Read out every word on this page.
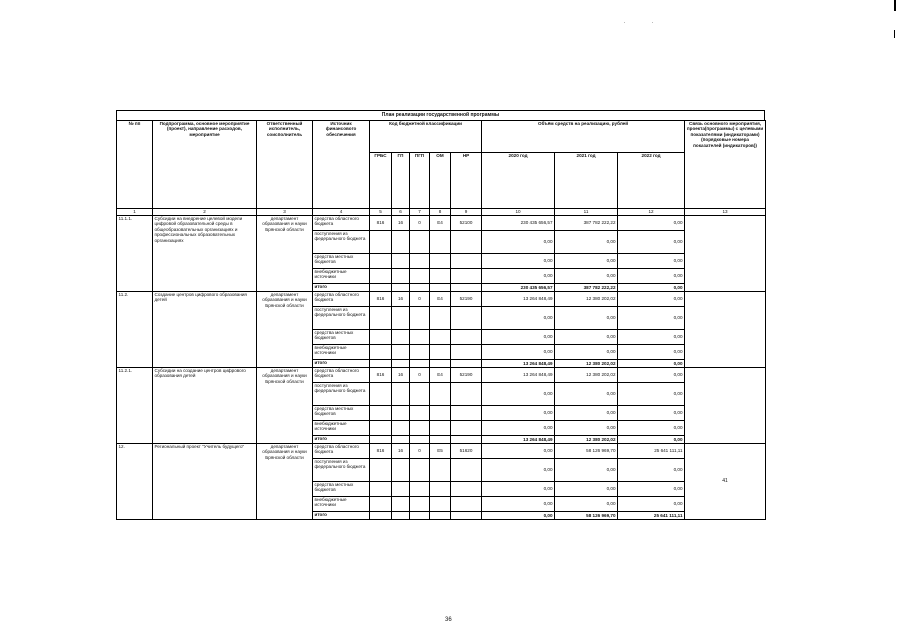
План реализации государственной программы
№ пп	Подпрограмма, основное мероприятие (проект), направление расходов, мероприятие	Ответственный исполнитель, соисполнитель	Источник финансового обеспечения	Код бюджетной классификации					Объём средств на реализацию, рублей			Связь основного мероприятия, проекта(программы) с целевыми показателями (индикаторами) (порядковые номера показателей (индикаторов))
				ГРБС	ГП	ПГП	ОМ	НР	2020 год	2021 год	2022 год	
1	2	3	4	5	6	7	8	9	10	11	12	13
11.1.1.	Субсидии на внедрение целевой модели цифровой образовательной среды в общеобразовательных организациях и профессиональных образовательных организациях	департамент образования и науки Брянской области	средства областного бюджета	816	16	0	Е4	52100	230 435 656,57	387 782 222,22	0,00	
			поступления из федерального бюджета						0,00	0,00	0,00	
			средства местных бюджетов						0,00	0,00	0,00	
			внебюджетные источники						0,00	0,00	0,00	
			итого						230 435 656,57	387 782 222,22	0,00	
11.2.	Создание центров цифрового образования детей	департамент образования и науки Брянской области	средства областного бюджета	816	16	0	Е4	52190	13 264 848,49	12 380 202,02	0,00	
			поступления из федерального бюджета						0,00	0,00	0,00	
			средства местных бюджетов						0,00	0,00	0,00	
			внебюджетные источники						0,00	0,00	0,00	
			итого						13 264 848,49	12 380 202,02	0,00	
11.2.1.	Субсидии на создание центров цифрового образования детей	департамент образования и науки Брянской области	средства областного бюджета	816	16	0	Е4	52190	13 264 848,49	12 380 202,02	0,00	
			поступления из федерального бюджета						0,00	0,00	0,00	
			средства местных бюджетов						0,00	0,00	0,00	
			внебюджетные источники						0,00	0,00	0,00	
			итого						13 264 848,49	12 380 202,02	0,00	
12.	Региональный проект "Учитель будущего"	департамент образования и науки Брянской области	средства областного бюджета	816	16	0	Е5	51620	0,00	58 126 969,70	25 641 111,11	41
			поступления из федерального бюджета						0,00	0,00	0,00	
			средства местных бюджетов						0,00	0,00	0,00	
			внебюджетные источники						0,00	0,00	0,00	
			итого						0,00	58 126 969,70	25 641 111,11	
36
